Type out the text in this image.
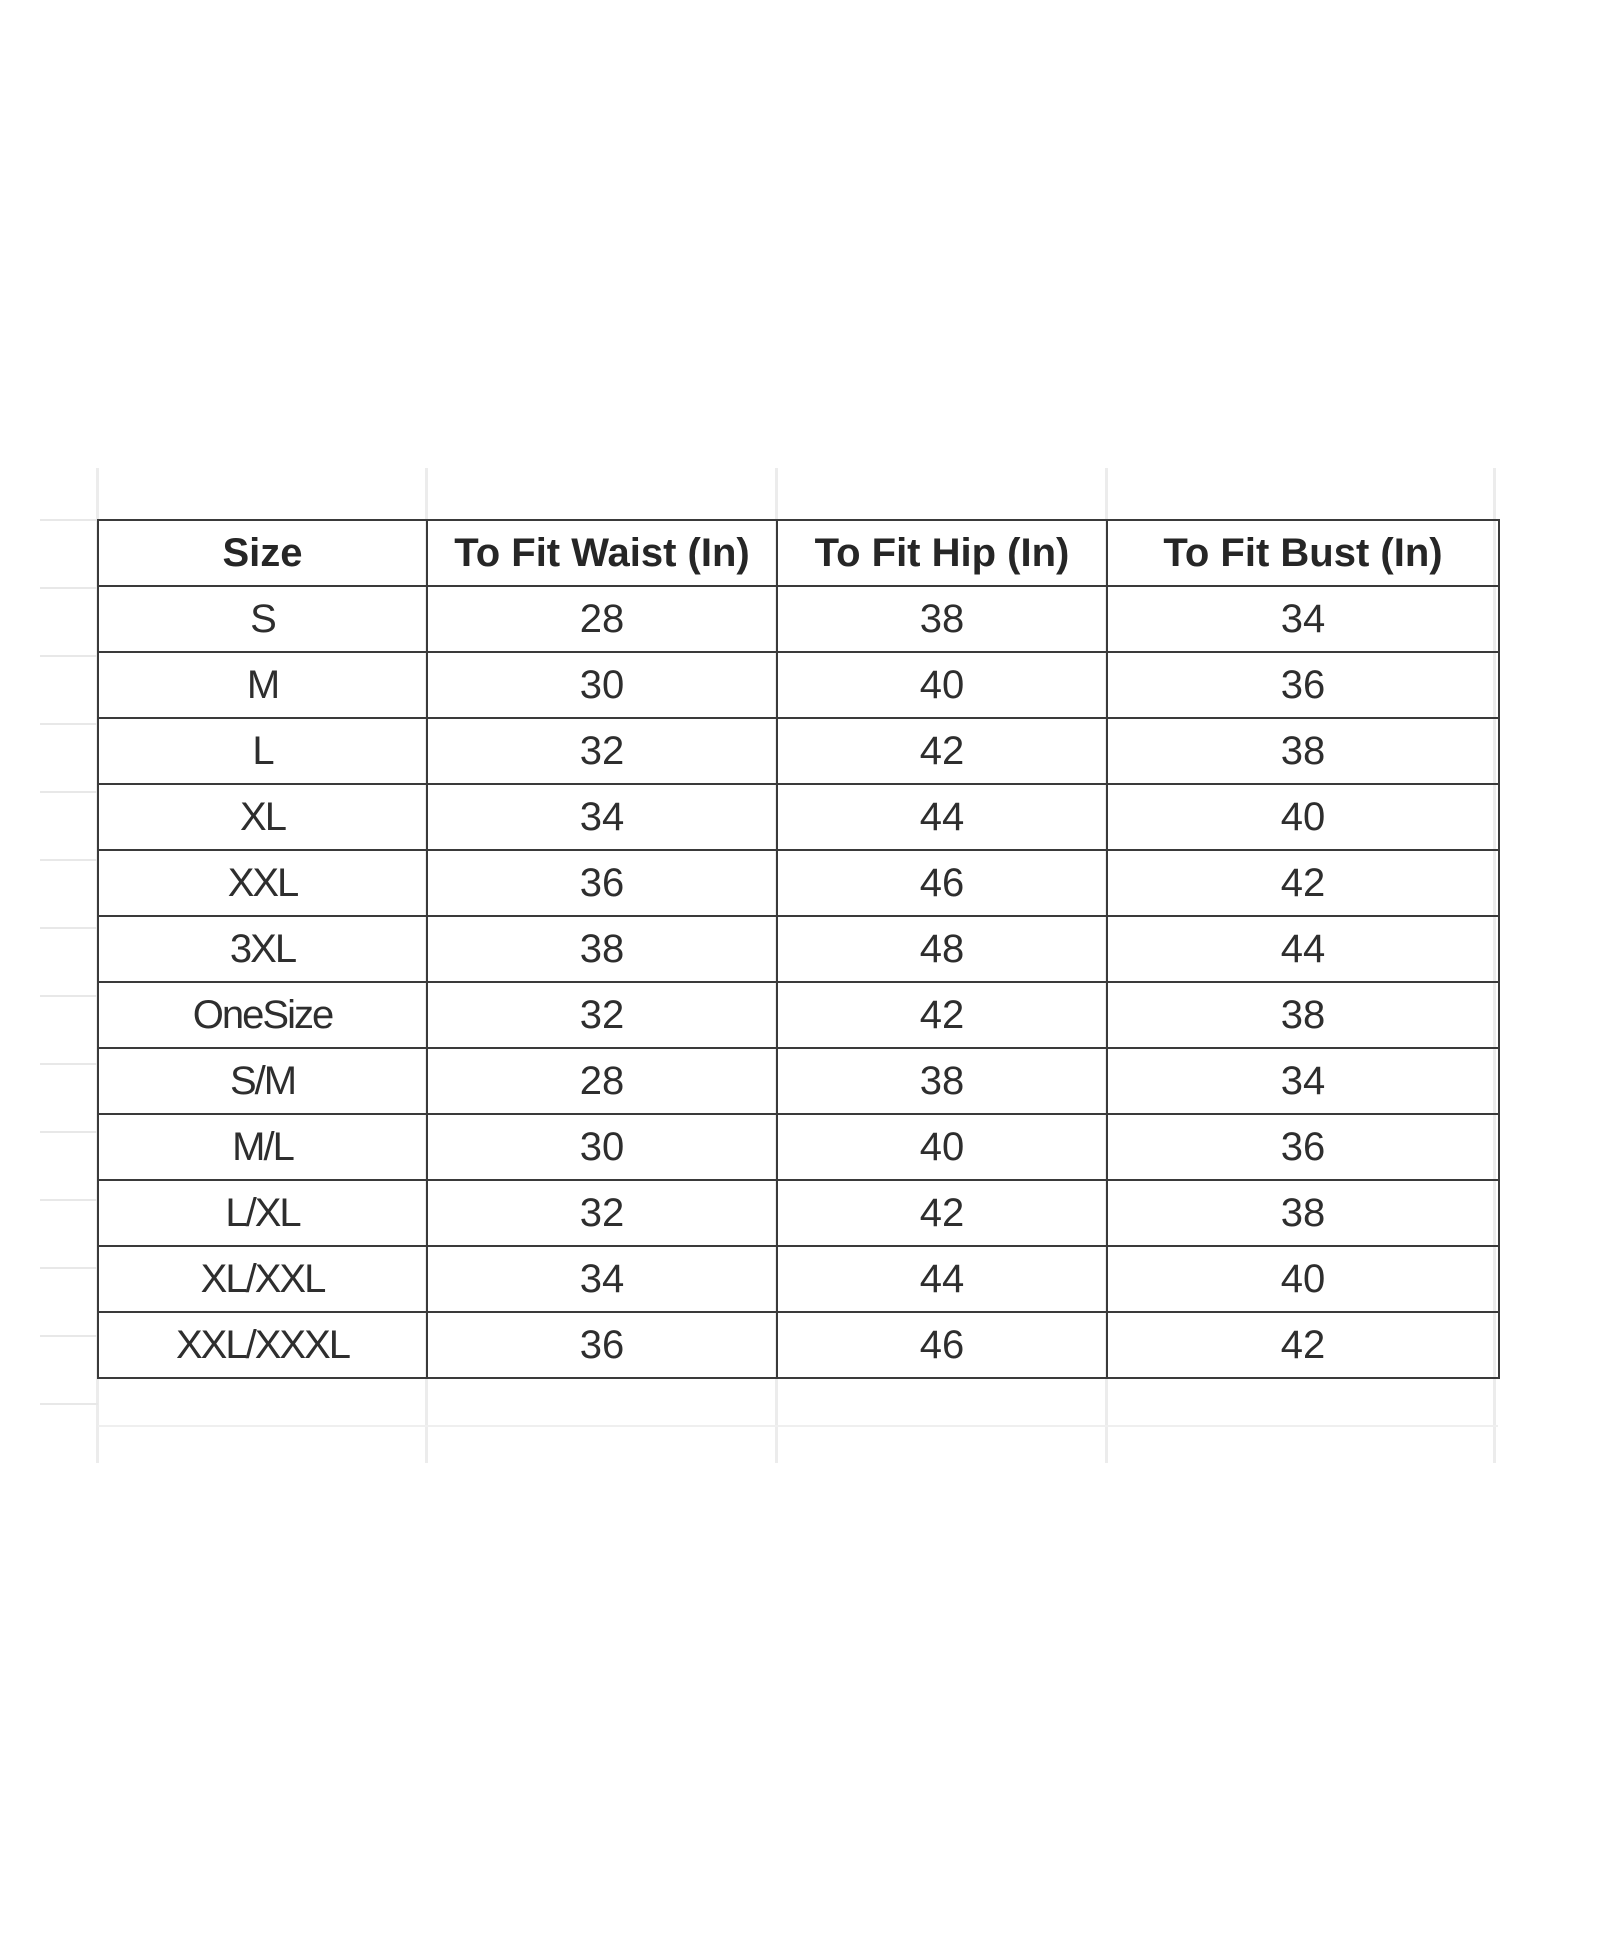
Size	To Fit Waist (In)	To Fit Hip (In)	To Fit Bust (In)
S	28	38	34
M	30	40	36
L	32	42	38
XL	34	44	40
XXL	36	46	42
3XL	38	48	44
OneSize	32	42	38
S/M	28	38	34
M/L	30	40	36
L/XL	32	42	38
XL/XXL	34	44	40
XXL/XXXL	36	46	42
